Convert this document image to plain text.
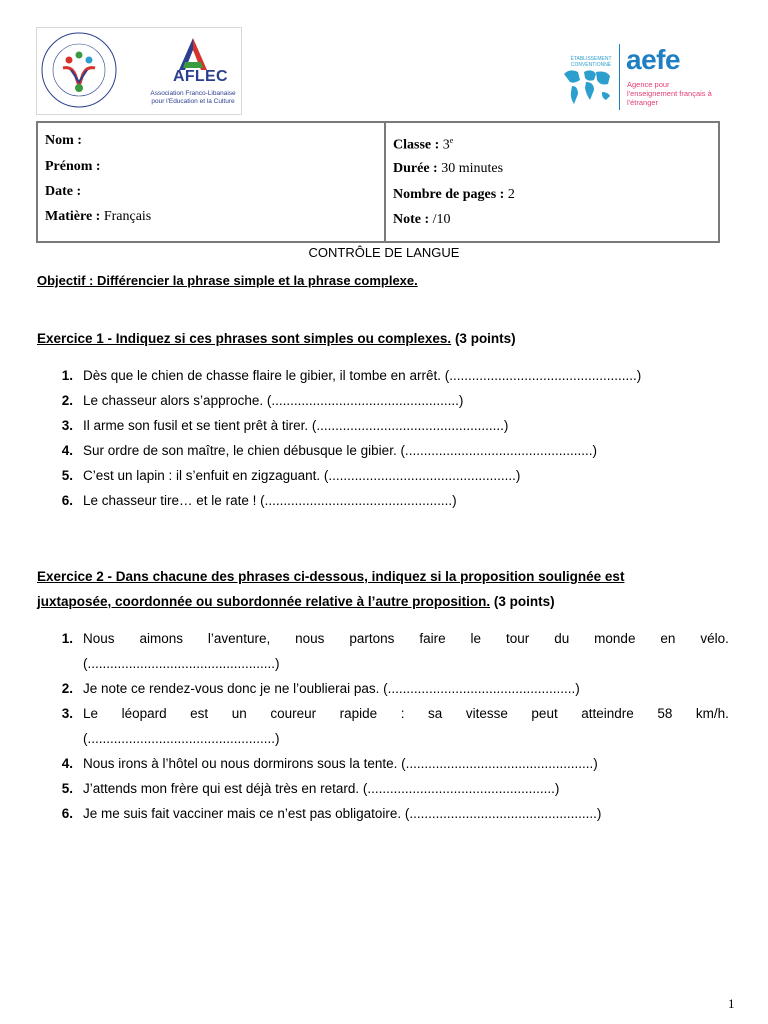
AFLEC
Association Franco-Libanaise pour l'Education et la Culture
ÉTABLISSEMENT CONVENTIONNÉ aefe
Agence pour l'enseignement français à l'étranger
Nom :
Prénom :
Date :
Matière : Français
Classe : 3e
Durée : 30 minutes
Nombre de pages : 2
Note : /10
CONTRÔLE DE LANGUE
Objectif : Différencier la phrase simple et la phrase complexe.
Exercice 1 - Indiquez si ces phrases sont simples ou complexes. (3 points)
1. Dès que le chien de chasse flaire le gibier, il tombe en arrêt. (..................................................)
2. Le chasseur alors s’approche. (..................................................)
3. Il arme son fusil et se tient prêt à tirer. (..................................................)
4. Sur ordre de son maître, le chien débusque le gibier. (..................................................)
5. C’est un lapin : il s’enfuit en zigzaguant. (..................................................)
6. Le chasseur tire… et le rate ! (..................................................)
Exercice 2 - Dans chacune des phrases ci-dessous, indiquez si la proposition soulignée est
juxtaposée, coordonnée ou subordonnée relative à l’autre proposition. (3 points)
1. Nous aimons l’aventure, nous partons faire le tour du monde en vélo.
(..................................................)
2. Je note ce rendez-vous donc je ne l’oublierai pas. (..................................................)
3. Le léopard est un coureur rapide : sa vitesse peut atteindre 58 km/h.
(..................................................)
4. Nous irons à l’hôtel ou nous dormirons sous la tente. (..................................................)
5. J’attends mon frère qui est déjà très en retard. (..................................................)
6. Je me suis fait vacciner mais ce n’est pas obligatoire. (..................................................)
1
